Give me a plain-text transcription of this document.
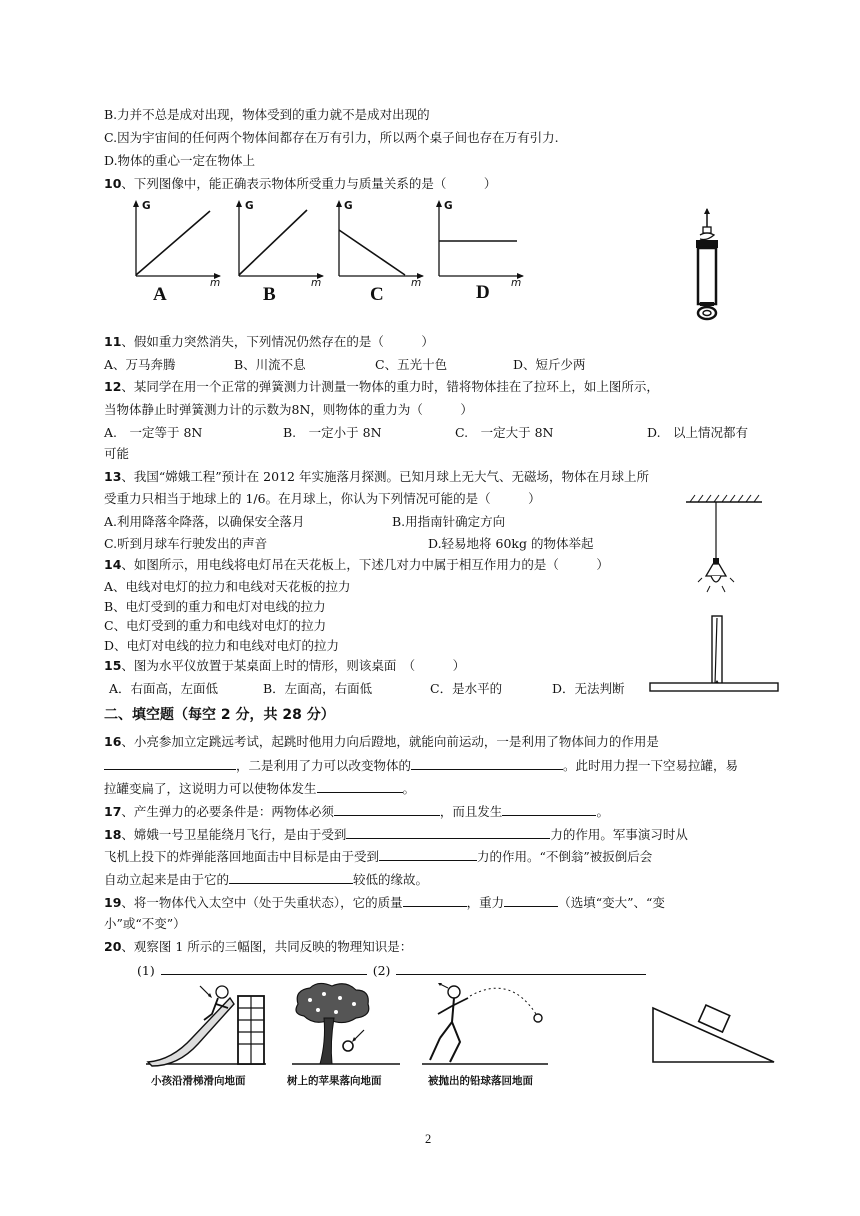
B.力并不总是成对出现，物体受到的重力就不是成对出现的
C.因为宇宙间的任何两个物体间都存在万有引力，所以两个桌子间也存在万有引力.
D.物体的重心一定在物体上
10、下列图像中，能正确表示物体所受重力与质量关系的是（　　　）
G
m
A
G
m
B
G
m
C
G
m
D
11、假如重力突然消失，下列情况仍然存在的是（　　　）
A、万马奔腾	B、川流不息	C、五光十色	D、短斤少两
12、某同学在用一个正常的弹簧测力计测量一物体的重力时，错将物体挂在了拉环上，如上图所示，
当物体静止时弹簧测力计的示数为8N，则物体的重力为（　　　）
A.　一定等于 8N	B.　一定小于 8N	C.　一定大于 8N	D.　以上情况都有
可能
13、我国“嫦娥工程”预计在 2012 年实施落月探测。已知月球上无大气、无磁场，物体在月球上所
受重力只相当于地球上的 1/6。在月球上，你认为下列情况可能的是（　　　）
A.利用降落伞降落，以确保安全落月	B.用指南针确定方向
C.听到月球车行驶发出的声音	D.轻易地将 60kg 的物体举起
14、如图所示，用电线将电灯吊在天花板上，下述几对力中属于相互作用力的是（　　　）
A、电线对电灯的拉力和电线对天花板的拉力
B、电灯受到的重力和电灯对电线的拉力
C、电灯受到的重力和电线对电灯的拉力
D、电灯对电线的拉力和电线对电灯的拉力
15、图为水平仪放置于某桌面上时的情形，则该桌面　（　　　）
A．右面高，左面低	B．左面高，右面低	C．是水平的	D．无法判断
二、填空题（每空 2 分，共 28 分）
16、小亮参加立定跳远考试，起跳时他用力向后蹬地，就能向前运动，一是利用了物体间力的作用是
，二是利用了力可以改变物体的	。此时用力捏一下空易拉罐，易
拉罐变扁了，这说明力可以使物体发生	。
17、产生弹力的必要条件是：两物体必须	，而且发生	。
18、嫦娥一号卫星能绕月飞行，是由于受到	力的作用。军事演习时从
飞机上投下的炸弹能落回地面击中目标是由于受到	力的作用。“不倒翁”被扳倒后会
自动立起来是由于它的	较低的缘故。
19、将一物体代入太空中（处于失重状态），它的质量	，重力	（选填“变大”、“变
小”或“不变”）
20、观察图 1 所示的三幅图，共同反映的物理知识是：
(1)	(2)
小孩沿滑梯滑向地面	树上的苹果落向地面	被抛出的铅球落回地面
2
